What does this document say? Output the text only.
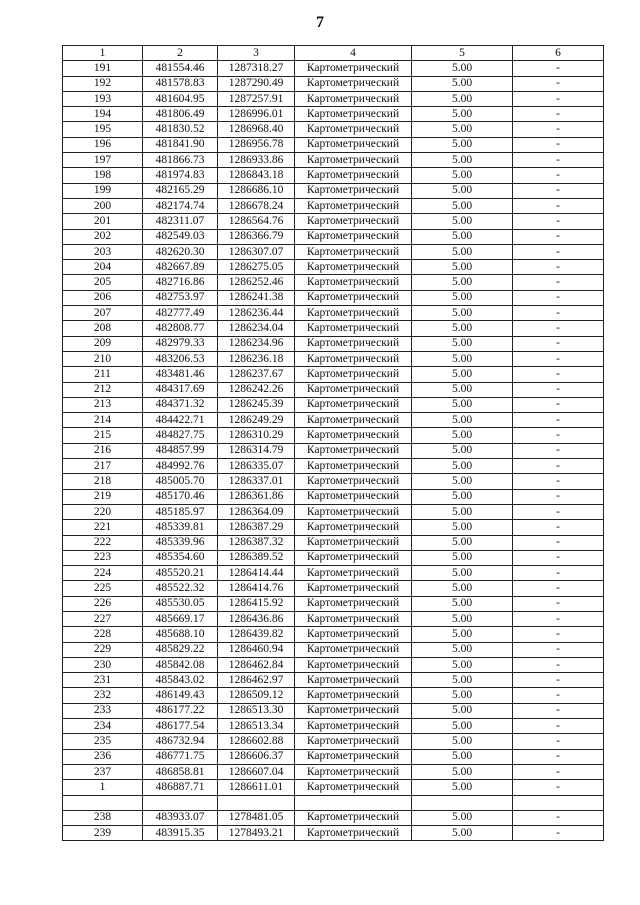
7
1	2	3	4	5	6
191	481554.46	1287318.27	Картометрический	5.00	-
192	481578.83	1287290.49	Картометрический	5.00	-
193	481604.95	1287257.91	Картометрический	5.00	-
194	481806.49	1286996.01	Картометрический	5.00	-
195	481830.52	1286968.40	Картометрический	5.00	-
196	481841.90	1286956.78	Картометрический	5.00	-
197	481866.73	1286933.86	Картометрический	5.00	-
198	481974.83	1286843.18	Картометрический	5.00	-
199	482165.29	1286686.10	Картометрический	5.00	-
200	482174.74	1286678.24	Картометрический	5.00	-
201	482311.07	1286564.76	Картометрический	5.00	-
202	482549.03	1286366.79	Картометрический	5.00	-
203	482620.30	1286307.07	Картометрический	5.00	-
204	482667.89	1286275.05	Картометрический	5.00	-
205	482716.86	1286252.46	Картометрический	5.00	-
206	482753.97	1286241.38	Картометрический	5.00	-
207	482777.49	1286236.44	Картометрический	5.00	-
208	482808.77	1286234.04	Картометрический	5.00	-
209	482979.33	1286234.96	Картометрический	5.00	-
210	483206.53	1286236.18	Картометрический	5.00	-
211	483481.46	1286237.67	Картометрический	5.00	-
212	484317.69	1286242.26	Картометрический	5.00	-
213	484371.32	1286245.39	Картометрический	5.00	-
214	484422.71	1286249.29	Картометрический	5.00	-
215	484827.75	1286310.29	Картометрический	5.00	-
216	484857.99	1286314.79	Картометрический	5.00	-
217	484992.76	1286335.07	Картометрический	5.00	-
218	485005.70	1286337.01	Картометрический	5.00	-
219	485170.46	1286361.86	Картометрический	5.00	-
220	485185.97	1286364.09	Картометрический	5.00	-
221	485339.81	1286387.29	Картометрический	5.00	-
222	485339.96	1286387.32	Картометрический	5.00	-
223	485354.60	1286389.52	Картометрический	5.00	-
224	485520.21	1286414.44	Картометрический	5.00	-
225	485522.32	1286414.76	Картометрический	5.00	-
226	485530.05	1286415.92	Картометрический	5.00	-
227	485669.17	1286436.86	Картометрический	5.00	-
228	485688.10	1286439.82	Картометрический	5.00	-
229	485829.22	1286460.94	Картометрический	5.00	-
230	485842.08	1286462.84	Картометрический	5.00	-
231	485843.02	1286462.97	Картометрический	5.00	-
232	486149.43	1286509.12	Картометрический	5.00	-
233	486177.22	1286513.30	Картометрический	5.00	-
234	486177.54	1286513.34	Картометрический	5.00	-
235	486732.94	1286602.88	Картометрический	5.00	-
236	486771.75	1286606.37	Картометрический	5.00	-
237	486858.81	1286607.04	Картометрический	5.00	-
1	486887.71	1286611.01	Картометрический	5.00	-

238	483933.07	1278481.05	Картометрический	5.00	-
239	483915.35	1278493.21	Картометрический	5.00	-
